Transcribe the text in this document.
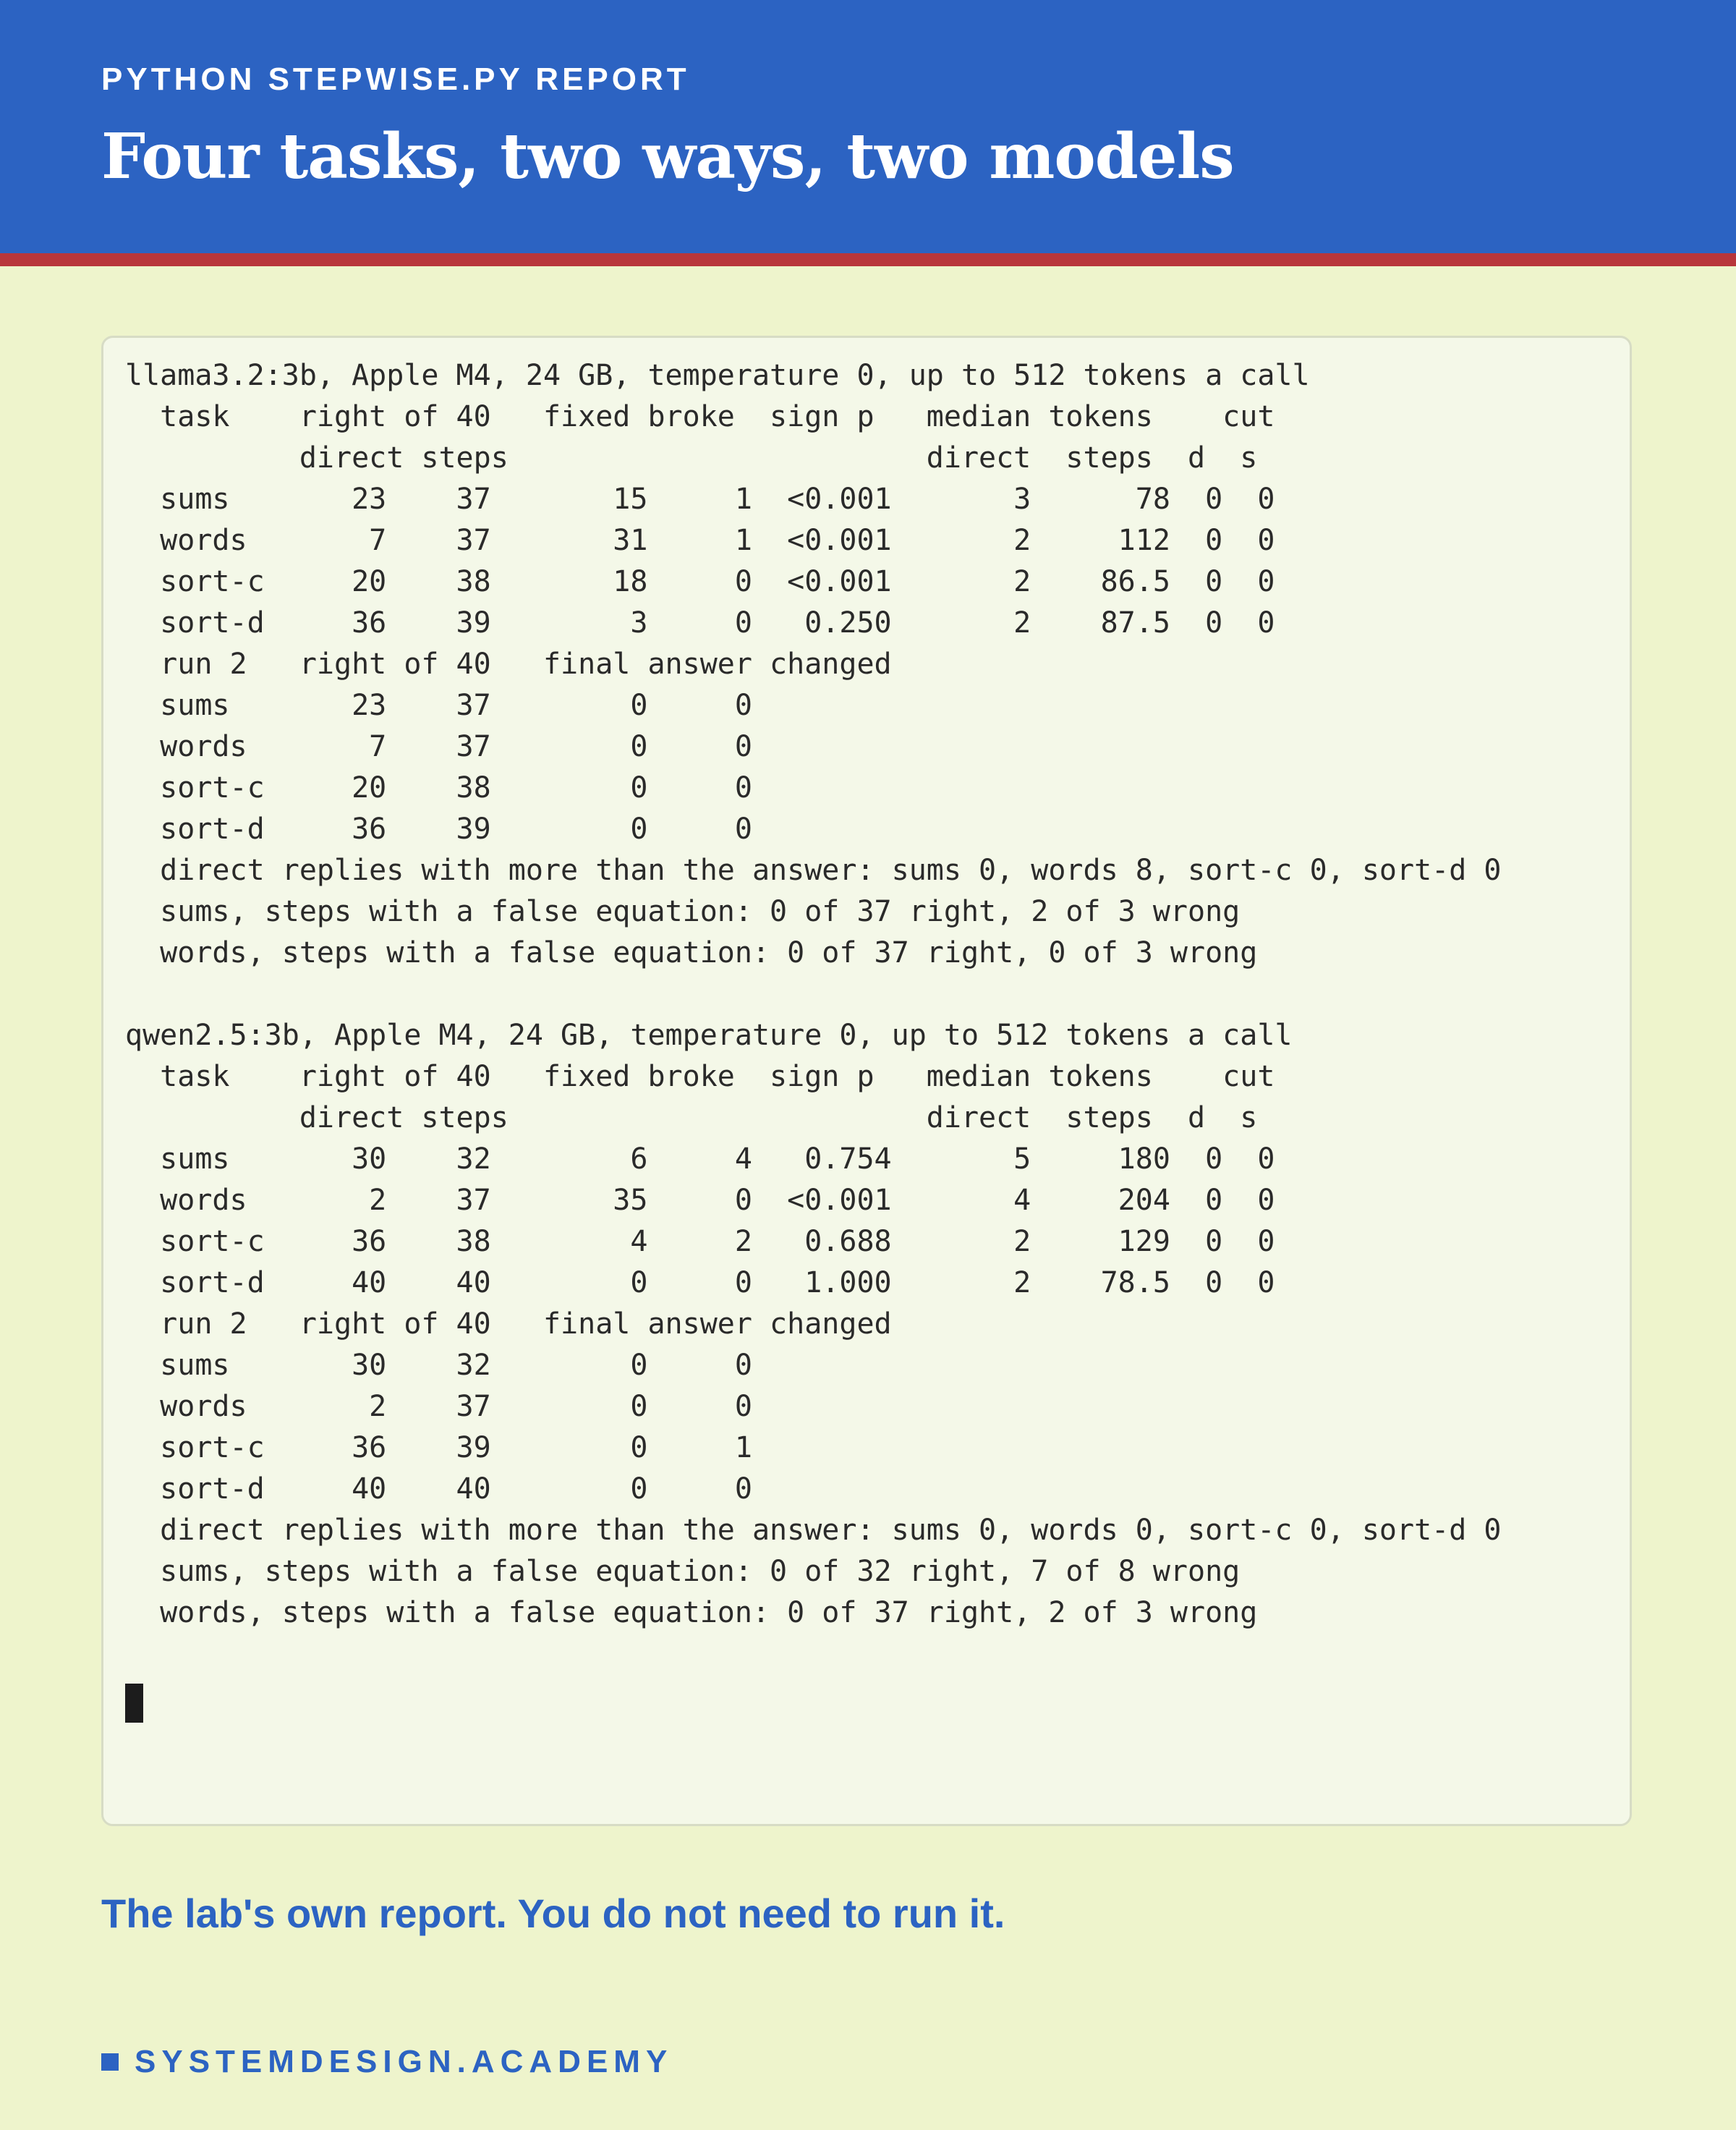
PYTHON STEPWISE.PY REPORT
Four tasks, two ways, two models
llama3.2:3b, Apple M4, 24 GB, temperature 0, up to 512 tokens a call
task    right of 40   fixed broke  sign p   median tokens    cut
direct steps                        direct  steps  d  s
sums       23    37       15     1  <0.001       3      78  0  0
words       7    37       31     1  <0.001       2     112  0  0
sort-c     20    38       18     0  <0.001       2    86.5  0  0
sort-d     36    39        3     0   0.250       2    87.5  0  0
run 2   right of 40   final answer changed
sums       23    37        0     0
words       7    37        0     0
sort-c     20    38        0     0
sort-d     36    39        0     0
direct replies with more than the answer: sums 0, words 8, sort-c 0, sort-d 0
sums, steps with a false equation: 0 of 37 right, 2 of 3 wrong
words, steps with a false equation: 0 of 37 right, 0 of 3 wrong

qwen2.5:3b, Apple M4, 24 GB, temperature 0, up to 512 tokens a call
task    right of 40   fixed broke  sign p   median tokens    cut
direct steps                        direct  steps  d  s
sums       30    32        6     4   0.754       5     180  0  0
words       2    37       35     0  <0.001       4     204  0  0
sort-c     36    38        4     2   0.688       2     129  0  0
sort-d     40    40        0     0   1.000       2    78.5  0  0
run 2   right of 40   final answer changed
sums       30    32        0     0
words       2    37        0     0
sort-c     36    39        0     1
sort-d     40    40        0     0
direct replies with more than the answer: sums 0, words 0, sort-c 0, sort-d 0
sums, steps with a false equation: 0 of 32 right, 7 of 8 wrong
words, steps with a false equation: 0 of 37 right, 2 of 3 wrong
The lab's own report. You do not need to run it.
SYSTEMDESIGN.ACADEMY
